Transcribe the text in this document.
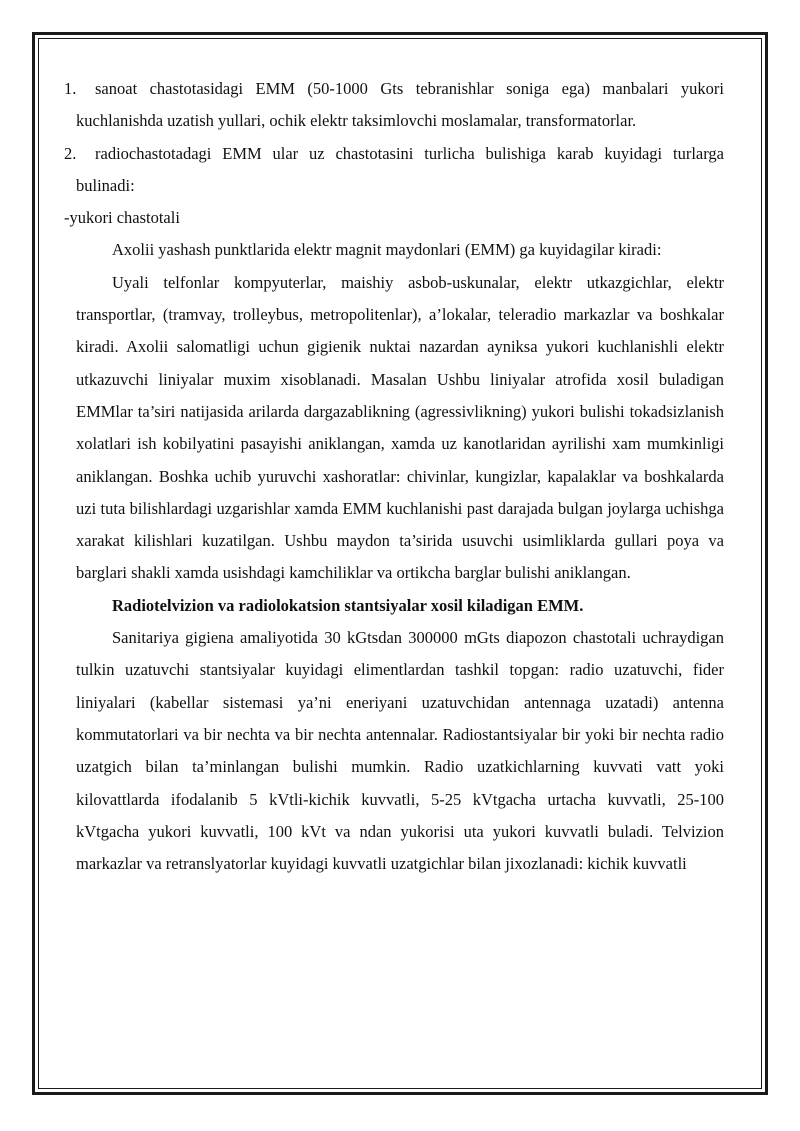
1. sanoat chastotasidagi EMM (50-1000 Gts tebranishlar soniga ega) manbalari yukori kuchlanishda uzatish yullari, ochik elektr taksimlovchi moslamalar, transformatorlar.

2. radiochastotadagi EMM ular uz chastotasini turlicha bulishiga karab kuyidagi turlarga bulinadi:

-yukori chastotali

Axolii yashash punktlarida elektr magnit maydonlari (EMM) ga kuyidagilar kiradi:

Uyali telfonlar kompyuterlar, maishiy asbob-uskunalar, elektr utkazgichlar, elektr transportlar, (tramvay, trolleybus, metropolitenlar), a’lokalar, teleradio markazlar va boshkalar kiradi. Axolii salomatligi uchun gigienik nuktai nazardan ayniksa yukori kuchlanishli elektr utkazuvchi liniyalar muxim xisoblanadi. Masalan Ushbu liniyalar atrofida xosil buladigan EMMlar ta’siri natijasida arilarda dargazablikning (agressivlikning) yukori bulishi tokadsizlanish xolatlari ish kobilyatini pasayishi aniklangan, xamda uz kanotlaridan ayrilishi xam mumkinligi aniklangan. Boshka uchib yuruvchi xashoratlar: chivinlar, kungizlar, kapalaklar va boshkalarda uzi tuta bilishlardagi uzgarishlar xamda EMM kuchlanishi past darajada bulgan joylarga uchishga xarakat kilishlari kuzatilgan. Ushbu maydon ta’sirida usuvchi usimliklarda gullari poya va barglari shakli xamda usishdagi kamchiliklar va ortikcha barglar bulishi aniklangan.

Radiotelvizion va radiolokatsion stantsiyalar xosil kiladigan EMM.

Sanitariya gigiena amaliyotida 30 kGtsdan 300000 mGts diapozon chastotali uchraydigan tulkin uzatuvchi stantsiyalar kuyidagi elimentlardan tashkil topgan: radio uzatuvchi, fider liniyalari (kabellar sistemasi ya’ni eneriyani uzatuvchidan antennaga uzatadi) antenna kommutatorlari va bir nechta va bir nechta antennalar. Radiostantsiyalar bir yoki bir nechta radio uzatgich bilan ta’minlangan bulishi mumkin. Radio uzatkichlarning kuvvati vatt yoki kilovattlarda ifodalanib 5 kVtli-kichik kuvvatli, 5-25 kVtgacha urtacha kuvvatli, 25-100 kVtgacha yukori kuvvatli, 100 kVt va ndan yukorisi uta yukori kuvvatli buladi. Telvizion markazlar va retranslyatorlar kuyidagi kuvvatli uzatgichlar bilan jixozlanadi: kichik kuvvatli
